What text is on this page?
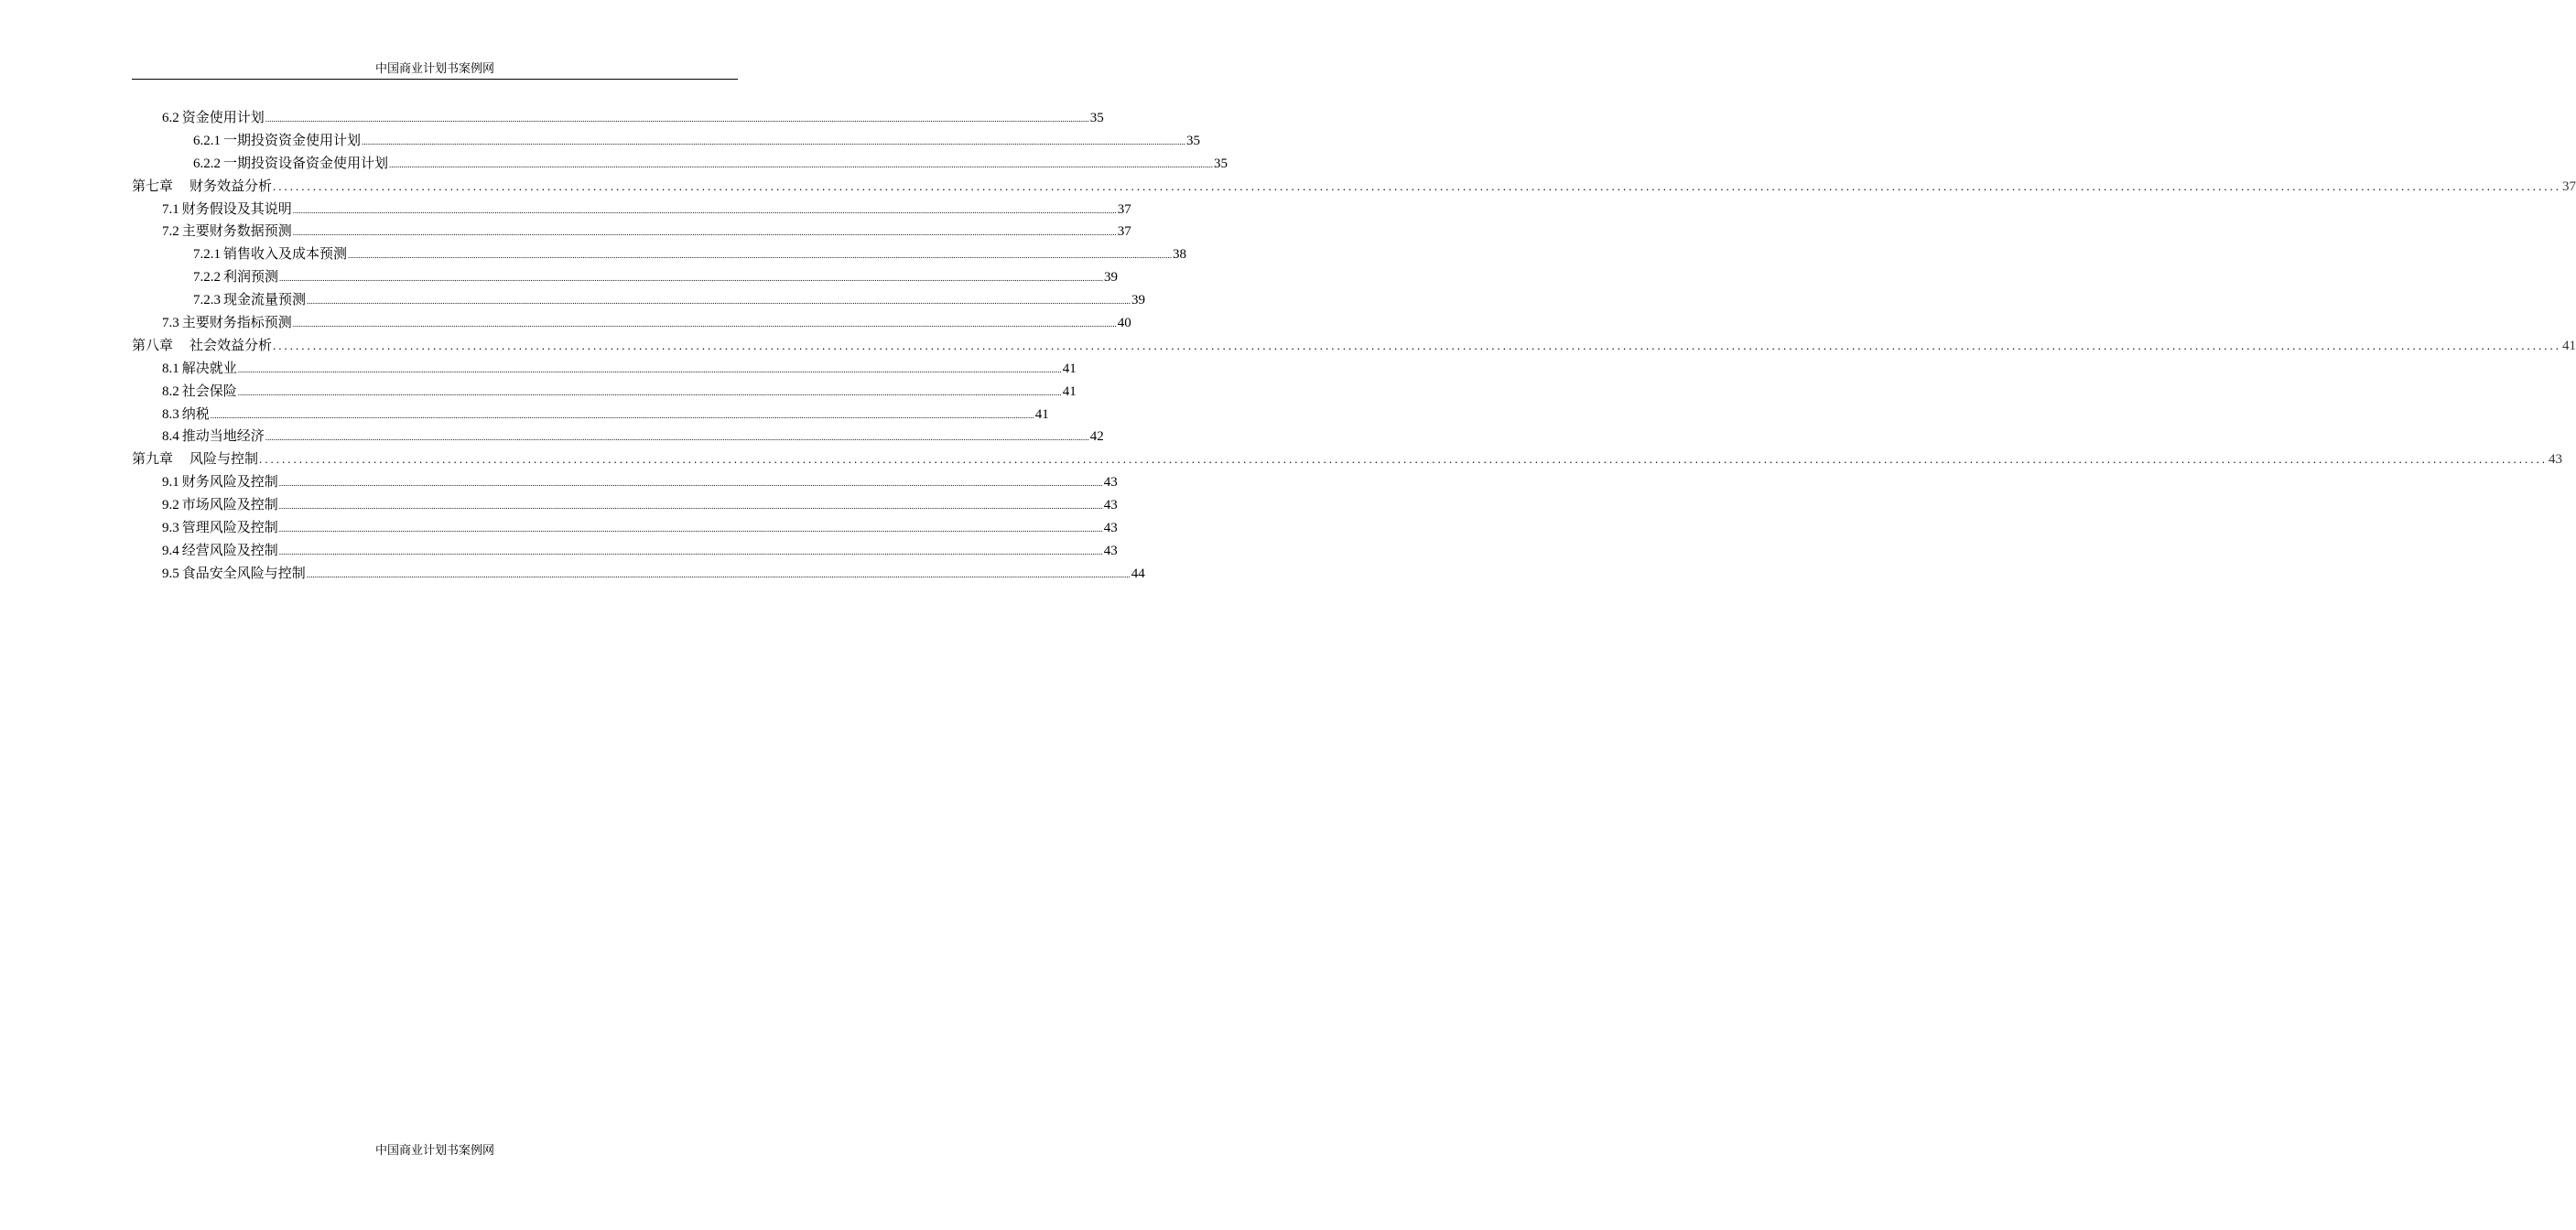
中国商业计划书案例网
6.2 资金使用计划 ................................................................................................................................................................................................................................................................................................................................................................................................................ 35
6.2.1 一期投资资金使用计划 ................................................................................................................................................................................................................................................................................................................................................................................................................ 35
6.2.2 一期投资设备资金使用计划 ................................................................................................................................................................................................................................................................................................................................................................................................................ 35
第七章 财务效益分析 ................................................................................................................................................................................................................................................................................................................................................................................................................ 37
7.1 财务假设及其说明 ................................................................................................................................................................................................................................................................................................................................................................................................................ 37
7.2 主要财务数据预测 ................................................................................................................................................................................................................................................................................................................................................................................................................ 37
7.2.1 销售收入及成本预测 ................................................................................................................................................................................................................................................................................................................................................................................................................ 38
7.2.2 利润预测 ................................................................................................................................................................................................................................................................................................................................................................................................................ 39
7.2.3 现金流量预测 ................................................................................................................................................................................................................................................................................................................................................................................................................ 39
7.3 主要财务指标预测 ................................................................................................................................................................................................................................................................................................................................................................................................................ 40
第八章 社会效益分析 ................................................................................................................................................................................................................................................................................................................................................................................................................ 41
8.1 解决就业 ................................................................................................................................................................................................................................................................................................................................................................................................................ 41
8.2 社会保险 ................................................................................................................................................................................................................................................................................................................................................................................................................ 41
8.3 纳税 ................................................................................................................................................................................................................................................................................................................................................................................................................ 41
8.4 推动当地经济 ................................................................................................................................................................................................................................................................................................................................................................................................................ 42
第九章 风险与控制 ................................................................................................................................................................................................................................................................................................................................................................................................................ 43
9.1 财务风险及控制 ................................................................................................................................................................................................................................................................................................................................................................................................................ 43
9.2 市场风险及控制 ................................................................................................................................................................................................................................................................................................................................................................................................................ 43
9.3 管理风险及控制 ................................................................................................................................................................................................................................................................................................................................................................................................................ 43
9.4 经营风险及控制 ................................................................................................................................................................................................................................................................................................................................................................................................................ 43
9.5 食品安全风险与控制 ................................................................................................................................................................................................................................................................................................................................................................................................................ 44
中国商业计划书案例网
